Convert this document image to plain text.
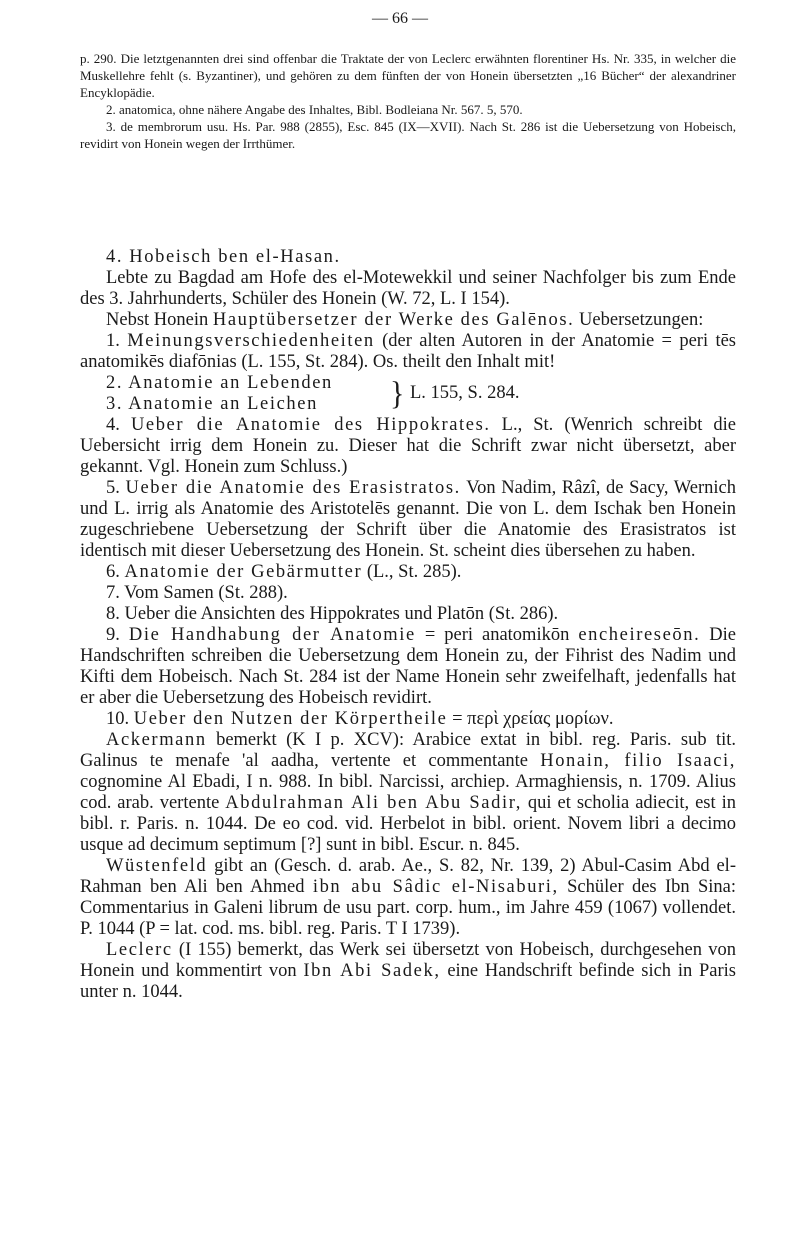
— 66 —

p. 290. Die letztgenannten drei sind offenbar die Traktate der von Leclerc erwähnten florentiner Hs. Nr. 335, in welcher die Muskellehre fehlt (s. Byzantiner), und gehören zu dem fünften der von Honein übersetzten „16 Bücher“ der alexandriner Encyklopädie.

2. anatomica, ohne nähere Angabe des Inhaltes, Bibl. Bodleiana Nr. 567. 5, 570.

3. de membrorum usu. Hs. Par. 988 (2855), Esc. 845 (IX—XVII). Nach St. 286 ist die Uebersetzung von Hobeisch, revidirt von Honein wegen der Irrthümer.

4. Hobeisch ben el-Hasan.

Lebte zu Bagdad am Hofe des el-Motewekkil und seiner Nachfolger bis zum Ende des 3. Jahrhunderts, Schüler des Honein (W. 72, L. I 154).

Nebst Honein Hauptübersetzer der Werke des Galēnos. Uebersetzungen:

1. Meinungsverschiedenheiten (der alten Autoren in der Anatomie = peri tēs anatomikēs diafōnias (L. 155, St. 284). Os. theilt den Inhalt mit!

2. Anatomie an Lebenden
3. Anatomie an Leichen } L. 155, S. 284.

4. Ueber die Anatomie des Hippokrates. L., St. (Wenrich schreibt die Uebersicht irrig dem Honein zu. Dieser hat die Schrift zwar nicht übersetzt, aber gekannt. Vgl. Honein zum Schluss.)

5. Ueber die Anatomie des Erasistratos. Von Nadim, Râzî, de Sacy, Wernich und L. irrig als Anatomie des Aristotelēs genannt. Die von L. dem Ischak ben Honein zugeschriebene Uebersetzung der Schrift über die Anatomie des Erasistratos ist identisch mit dieser Uebersetzung des Honein. St. scheint dies übersehen zu haben.

6. Anatomie der Gebärmutter (L., St. 285).

7. Vom Samen (St. 288).

8. Ueber die Ansichten des Hippokrates und Platōn (St. 286).

9. Die Handhabung der Anatomie = peri anatomikōn encheireseōn. Die Handschriften schreiben die Uebersetzung dem Honein zu, der Fihrist des Nadim und Kifti dem Hobeisch. Nach St. 284 ist der Name Honein sehr zweifelhaft, jedenfalls hat er aber die Uebersetzung des Hobeisch revidirt.

10. Ueber den Nutzen der Körpertheile = περὶ χρείας μορίων.

Ackermann bemerkt (K I p. XCV): Arabice extat in bibl. reg. Paris. sub tit. Galinus te menafe 'al aadha, vertente et commentante Honain, filio Isaaci, cognomine Al Ebadi, I n. 988. In bibl. Narcissi, archiep. Armaghiensis, n. 1709. Alius cod. arab. vertente Abdulrahman Ali ben Abu Sadir, qui et scholia adiecit, est in bibl. r. Paris. n. 1044. De eo cod. vid. Herbelot in bibl. orient. Novem libri a decimo usque ad decimum septimum [?] sunt in bibl. Escur. n. 845.

Wüstenfeld gibt an (Gesch. d. arab. Ae., S. 82, Nr. 139, 2) Abul-Casim Abd el-Rahman ben Ali ben Ahmed ibn abu Sâdic el-Nisaburi, Schüler des Ibn Sina: Commentarius in Galeni librum de usu part. corp. hum., im Jahre 459 (1067) vollendet. P. 1044 (P = lat. cod. ms. bibl. reg. Paris. T I 1739).

Leclerc (I 155) bemerkt, das Werk sei übersetzt von Hobeisch, durchgesehen von Honein und kommentirt von Ibn Abi Sadek, eine Handschrift befinde sich in Paris unter n. 1044.
